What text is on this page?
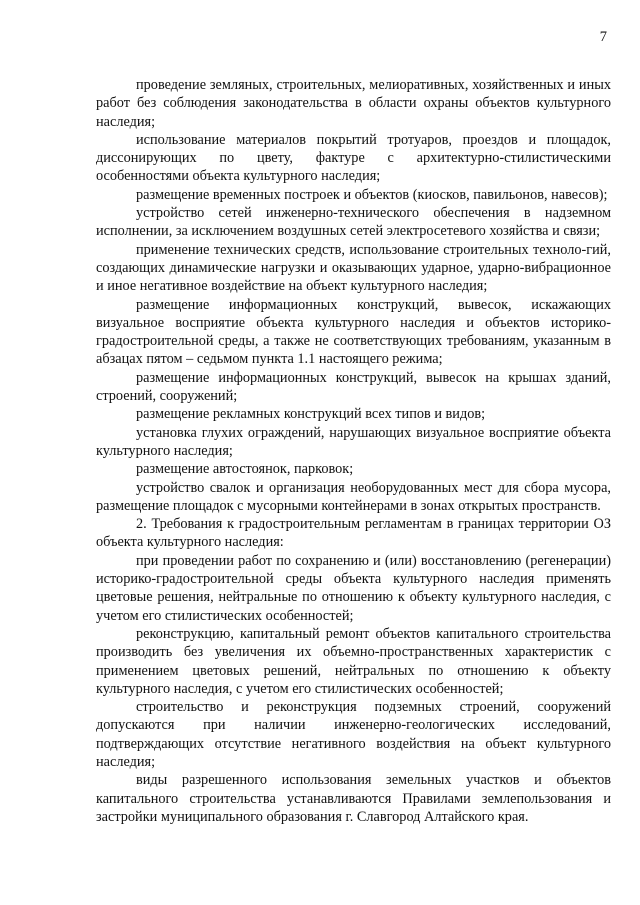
7

проведение земляных, строительных, мелиоративных, хозяйственных и иных работ без соблюдения законодательства в области охраны объектов культурного наследия;

использование материалов покрытий тротуаров, проездов и площадок, диссонирующих по цвету, фактуре с архитектурно-стилистическими особенностями объекта культурного наследия;

размещение временных построек и объектов (киосков, павильонов, навесов);

устройство сетей инженерно-технического обеспечения в надземном исполнении, за исключением воздушных сетей электросетевого хозяйства и связи;

применение технических средств, использование строительных техноло-гий, создающих динамические нагрузки и оказывающих ударное, ударно-вибрационное и иное негативное воздействие на объект культурного наследия;

размещение информационных конструкций, вывесок, искажающих визуальное восприятие объекта культурного наследия и объектов историко-градостроительной среды, а также не соответствующих требованиям, указанным в абзацах пятом – седьмом пункта 1.1 настоящего режима;

размещение информационных конструкций, вывесок на крышах зданий, строений, сооружений;

размещение рекламных конструкций всех типов и видов;

установка глухих ограждений, нарушающих визуальное восприятие объекта культурного наследия;

размещение автостоянок, парковок;

устройство свалок и организация необорудованных мест для сбора мусора, размещение площадок с мусорными контейнерами в зонах открытых пространств.

2. Требования к градостроительным регламентам в границах территории ОЗ объекта культурного наследия:

при проведении работ по сохранению и (или) восстановлению (регенерации) историко-градостроительной среды объекта культурного наследия применять цветовые решения, нейтральные по отношению к объекту культурного наследия, с учетом его стилистических особенностей;

реконструкцию, капитальный ремонт объектов капитального строительства производить без увеличения их объемно-пространственных характеристик с применением цветовых решений, нейтральных по отношению к объекту культурного наследия, с учетом его стилистических особенностей;

строительство и реконструкция подземных строений, сооружений допускаются при наличии инженерно-геологических исследований, подтверждающих отсутствие негативного воздействия на объект культурного наследия;

виды разрешенного использования земельных участков и объектов капитального строительства устанавливаются Правилами землепользования и застройки муниципального образования г. Славгород Алтайского края.
